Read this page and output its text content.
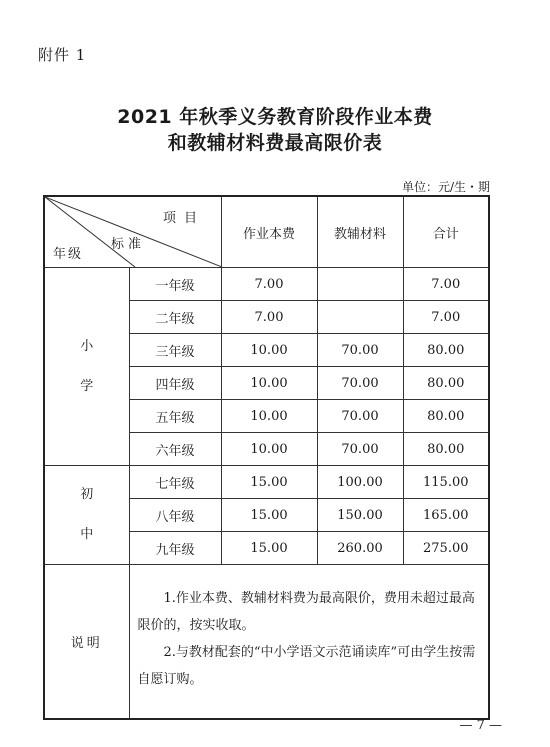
附件 1
2021 年秋季义务教育阶段作业本费
和教辅材料费最高限价表
单位：元/生・期
项目
标准
年级		作业本费	教辅材料	合计

小
学	一年级	7.00		7.00
	二年级	7.00		7.00
	三年级	10.00	70.00	80.00
	四年级	10.00	70.00	80.00
	五年级	10.00	70.00	80.00
	六年级	10.00	70.00	80.00

初
中	七年级	15.00	100.00	115.00
	八年级	15.00	150.00	165.00
	九年级	15.00	260.00	275.00
说明	1.作业本费、教辅材料费为最高限价，费用未超过最高限价的，按实收取。

2.与教材配套的“中小学语文示范诵读库”可由学生按需自愿订购。			

— 7 —
